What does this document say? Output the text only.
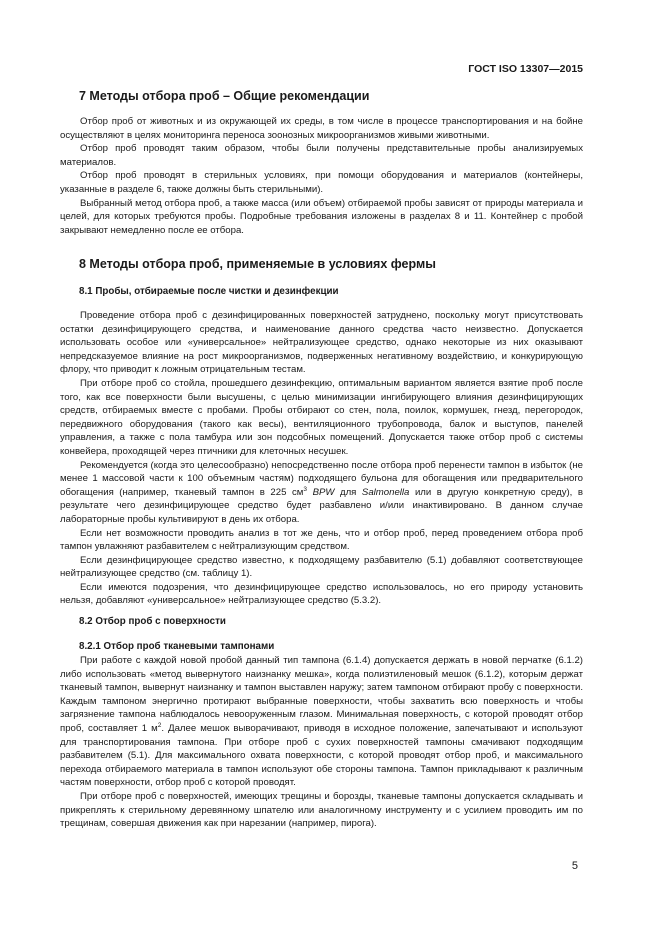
ГОСТ ISO 13307—2015
7 Методы отбора проб – Общие рекомендации

Отбор проб от животных и из окружающей их среды, в том числе в процессе транспортирования и на бойне осуществляют в целях мониторинга переноса зоонозных микроорганизмов живыми животными.

Отбор проб проводят таким образом, чтобы были получены представительные пробы анализируемых материалов.

Отбор проб проводят в стерильных условиях, при помощи оборудования и материалов (контейнеры, указанные в разделе 6, также должны быть стерильными).

Выбранный метод отбора проб, а также масса (или объем) отбираемой пробы зависят от природы материала и целей, для которых требуются пробы. Подробные требования изложены в разделах 8 и 11. Контейнер с пробой закрывают немедленно после ее отбора.

8 Методы отбора проб, применяемые в условиях фермы
8.1 Пробы, отбираемые после чистки и дезинфекции

Проведение отбора проб с дезинфицированных поверхностей затруднено, поскольку могут присутствовать остатки дезинфицирующего средства, и наименование данного средства часто неизвестно. Допускается использовать особое или «универсальное» нейтрализующее средство, однако некоторые из них оказывают непредсказуемое влияние на рост микроорганизмов, подверженных негативному воздействию, и конкурирующую флору, что приводит к ложным отрицательным тестам.

При отборе проб со стойла, прошедшего дезинфекцию, оптимальным вариантом является взятие проб после того, как все поверхности были высушены, с целью минимизации ингибирующего влияния дезинфицирующих средств, отбираемых вместе с пробами. Пробы отбирают со стен, пола, поилок, кормушек, гнезд, перегородок, передвижного оборудования (такого как весы), вентиляционного трубопровода, балок и выступов, панелей управления, а также с пола тамбура или зон подсобных помещений. Допускается также отбор проб с системы конвейера, проходящей через птичники для клеточных несушек.

Рекомендуется (когда это целесообразно) непосредственно после отбора проб перенести тампон в избыток (не менее 1 массовой части к 100 объемным частям) подходящего бульона для обогащения или предварительного обогащения (например, тканевый тампон в 225 $см^3$ BPW для Salmonella или в другую конкретную среду), в результате чего дезинфицирующее средство будет разбавлено и/или инактивировано. В данном случае лабораторные пробы культивируют в день их отбора.

Если нет возможности проводить анализ в тот же день, что и отбор проб, перед проведением отбора проб тампон увлажняют разбавителем с нейтрализующим средством.

Если дезинфицирующее средство известно, к подходящему разбавителю (5.1) добавляют соответствующее нейтрализующее средство (см. таблицу 1).

Если имеются подозрения, что дезинфицирующее средство использовалось, но его природу установить нельзя, добавляют «универсальное» нейтрализующее средство (5.3.2).

8.2 Отбор проб с поверхности
8.2.1 Отбор проб тканевыми тампонами

При работе с каждой новой пробой данный тип тампона (6.1.4) допускается держать в новой перчатке (6.1.2) либо использовать «метод вывернутого наизнанку мешка», когда полиэтиленовый мешок (6.1.2), которым держат тканевый тампон, вывернут наизнанку и тампон выставлен наружу; затем тампоном отбирают пробу с поверхности. Каждым тампоном энергично протирают выбранные поверхности, чтобы захватить всю поверхность и чтобы загрязнение тампона наблюдалось невооруженным глазом. Минимальная поверхность, с которой проводят отбор проб, составляет 1 $м^2$. Далее мешок выворачивают, приводя в исходное положение, запечатывают и используют для транспортирования тампона. При отборе проб с сухих поверхностей тампоны смачивают подходящим разбавителем (5.1). Для максимального охвата поверхности, с которой проводят отбор проб, и максимального перехода отбираемого материала в тампон используют обе стороны тампона. Тампон прикладывают к различным частям поверхности, отбор проб с которой проводят.

При отборе проб с поверхностей, имеющих трещины и борозды, тканевые тампоны допускается складывать и прикреплять к стерильному деревянному шпателю или аналогичному инструменту и с усилием проводить им по трещинам, совершая движения как при нарезании (например, пирога).

5
